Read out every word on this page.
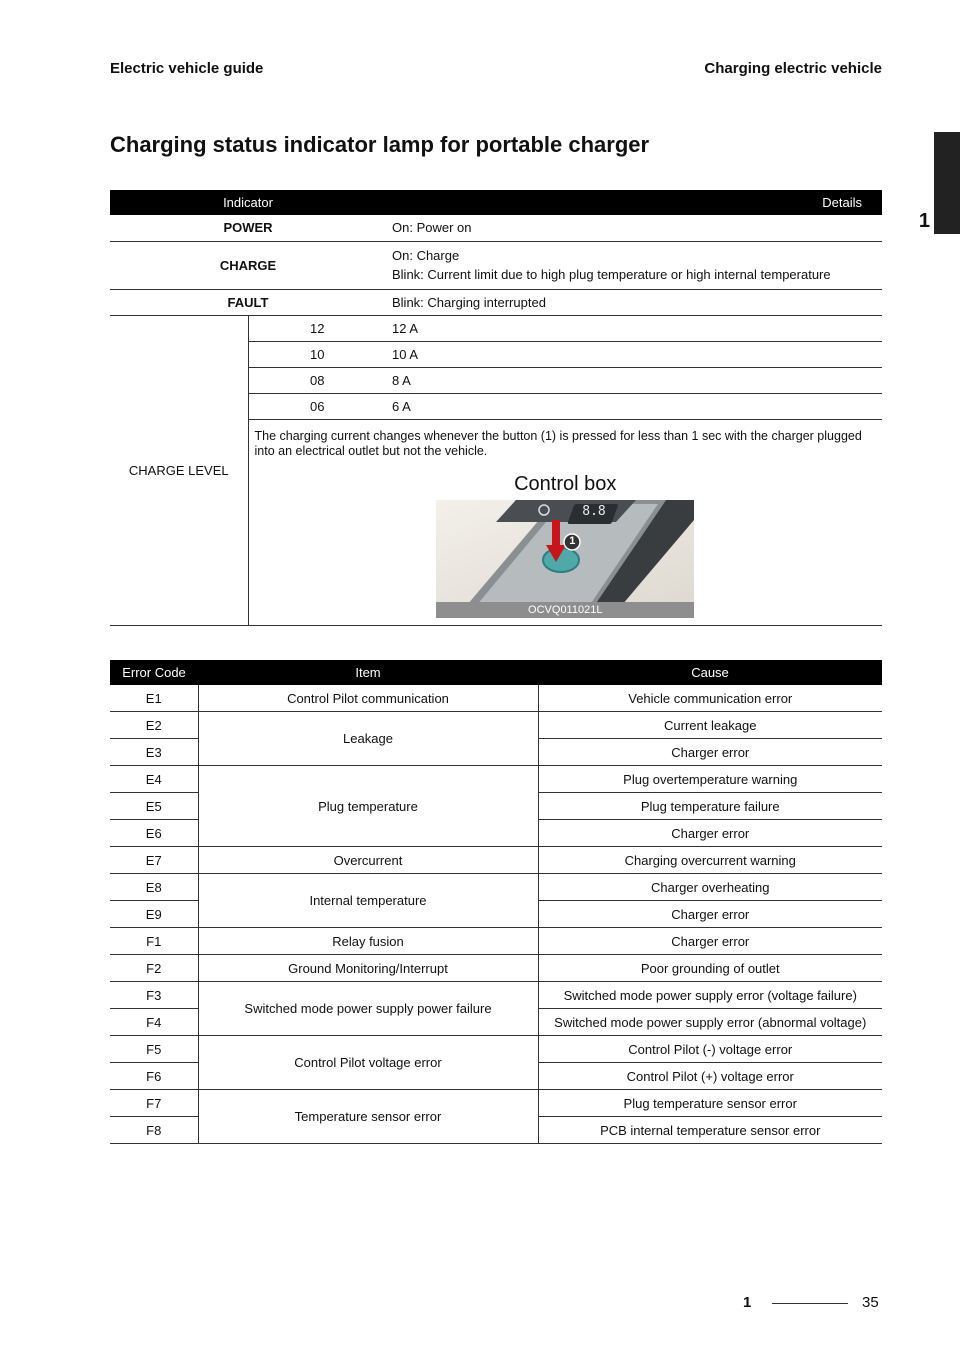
Electric vehicle guide	Charging electric vehicle
1
Charging status indicator lamp for portable charger
Indicator		Details
POWER		On: Power on
CHARGE		On: Charge
Blink: Current limit due to high plug temperature or high internal temperature

FAULT		Blink: Charging interrupted
CHARGE LEVEL	12	12 A
	10	10 A
	08	8 A
	06	6 A

	The charging current changes whenever the button (1) is pressed for less than 1 sec with the charger plugged into an electrical outlet but not the vehicle.
Control box
8.8
1
OCVQ011021L	
Error Code	Item	Cause
E1	Control Pilot communication	Vehicle communication error
E2	Leakage	Current leakage
E3		Charger error
E4	Plug temperature	Plug overtemperature warning
E5		Plug temperature failure
E6		Charger error
E7	Overcurrent	Charging overcurrent warning
E8	Internal temperature	Charger overheating
E9		Charger error
F1	Relay fusion	Charger error
F2	Ground Monitoring/Interrupt	Poor grounding of outlet
F3	Switched mode power supply power failure	Switched mode power supply error (voltage failure)
F4		Switched mode power supply error (abnormal voltage)
F5	Control Pilot voltage error	Control Pilot (-) voltage error
F6		Control Pilot (+) voltage error
F7	Temperature sensor error	Plug temperature sensor error
F8		PCB internal temperature sensor error
1	35
